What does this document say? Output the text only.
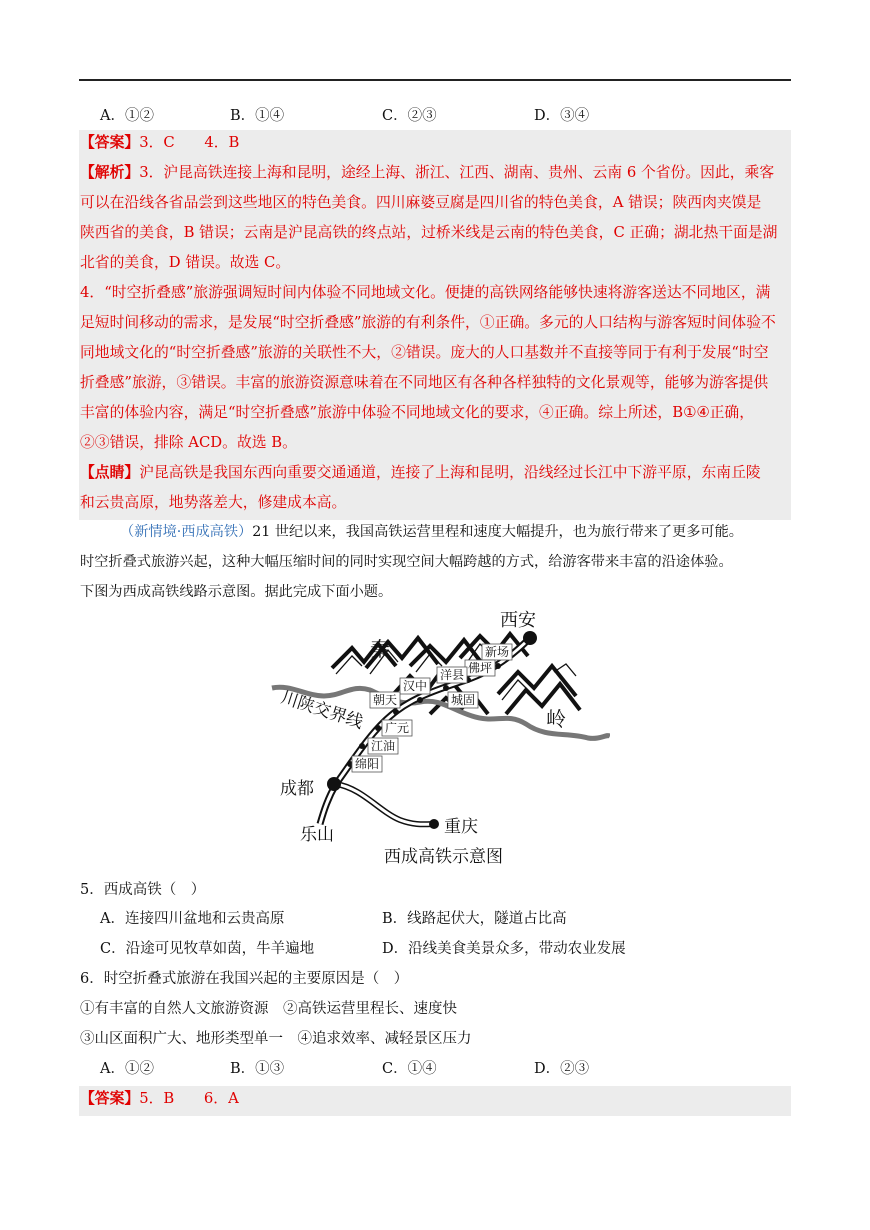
A．①②	B．①④	C．②③	D．③④

【答案】3．C　　4．B

【解析】3．沪昆高铁连接上海和昆明，途经上海、浙江、江西、湖南、贵州、云南 6 个省份。因此，乘客

可以在沿线各省品尝到这些地区的特色美食。四川麻婆豆腐是四川省的特色美食，A 错误；陕西肉夹馍是

陕西省的美食，B 错误；云南是沪昆高铁的终点站，过桥米线是云南的特色美食，C 正确；湖北热干面是湖

北省的美食，D 错误。故选 C。

4．“时空折叠感”旅游强调短时间内体验不同地域文化。便捷的高铁网络能够快速将游客送达不同地区，满

足短时间移动的需求，是发展“时空折叠感”旅游的有利条件，①正确。多元的人口结构与游客短时间体验不

同地域文化的“时空折叠感”旅游的关联性不大，②错误。庞大的人口基数并不直接等同于有利于发展“时空

折叠感”旅游，③错误。丰富的旅游资源意味着在不同地区有各种各样独特的文化景观等，能够为游客提供

丰富的体验内容，满足“时空折叠感”旅游中体验不同地域文化的要求，④正确。综上所述，B①④正确，

②③错误，排除 ACD。故选 B。

【点睛】沪昆高铁是我国东西向重要交通通道，连接了上海和昆明，沿线经过长江中下游平原，东南丘陵

和云贵高原，地势落差大，修建成本高。

（新情境·西成高铁）21 世纪以来，我国高铁运营里程和速度大幅提升，也为旅行带来了更多可能。

时空折叠式旅游兴起，这种大幅压缩时间的同时实现空间大幅跨越的方式，给游客带来丰富的沿途体验。

下图为西成高铁线路示意图。据此完成下面小题。

新场
佛坪
洋县
城固
汉中
朝天
广元
江油
绵阳
西安
秦
岭
川陕交界线
成都
乐山	重庆
西成高铁示意图
5．西成高铁（　）
A．连接四川盆地和云贵高原	B．线路起伏大，隧道占比高
C．沿途可见牧草如茵，牛羊遍地	D．沿线美食美景众多，带动农业发展
6．时空折叠式旅游在我国兴起的主要原因是（　）
①有丰富的自然人文旅游资源　②高铁运营里程长、速度快
③山区面积广大、地形类型单一　④追求效率、减轻景区压力
A．①②	B．①③	C．①④	D．②③

【答案】5．B　　6．A
